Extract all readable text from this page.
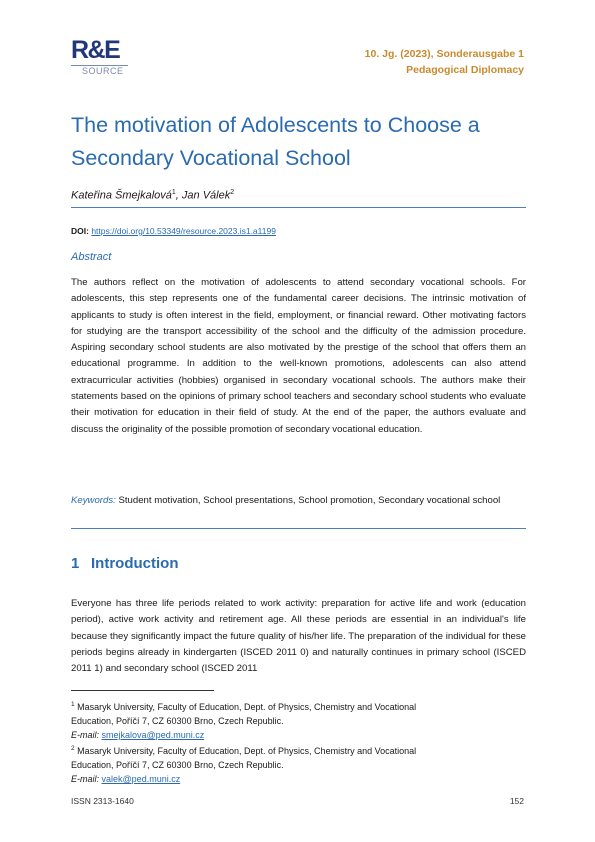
R&E
SOURCE
10. Jg. (2023), Sonderausgabe 1
Pedagogical Diplomacy
The motivation of Adolescents to Choose a Secondary Vocational School
Kateřina Šmejkalová$^1$, Jan Válek$^2$
DOI: https://doi.org/10.53349/resource.2023.is1.a1199
Abstract
The authors reflect on the motivation of adolescents to attend secondary vocational schools. For adolescents, this step represents one of the fundamental career decisions. The intrinsic motivation of applicants to study is often interest in the field, employment, or financial reward. Other motivating factors for studying are the transport accessibility of the school and the difficulty of the admission procedure. Aspiring secondary school students are also motivated by the prestige of the school that offers them an educational programme. In addition to the well-known promotions, adolescents can also attend extracurricular activities (hobbies) organised in secondary vocational schools. The authors make their statements based on the opinions of primary school teachers and secondary school students who evaluate their motivation for education in their field of study. At the end of the paper, the authors evaluate and discuss the originality of the possible promotion of secondary vocational education.
Keywords: Student motivation, School presentations, School promotion, Secondary vocational school
1 Introduction
Everyone has three life periods related to work activity: preparation for active life and work (education period), active work activity and retirement age. All these periods are essential in an individual's life because they significantly impact the future quality of his/her life. The preparation of the individual for these periods begins already in kindergarten (ISCED 2011 0) and naturally continues in primary school (ISCED 2011 1) and secondary school (ISCED 2011
$^1$ Masaryk University, Faculty of Education, Dept. of Physics, Chemistry and Vocational
Education, Poříčí 7, CZ 60300 Brno, Czech Republic.
E-mail: smejkalova@ped.muni.cz
$^2$ Masaryk University, Faculty of Education, Dept. of Physics, Chemistry and Vocational
Education, Poříčí 7, CZ 60300 Brno, Czech Republic.
E-mail: valek@ped.muni.cz
ISSN 2313-1640	152
